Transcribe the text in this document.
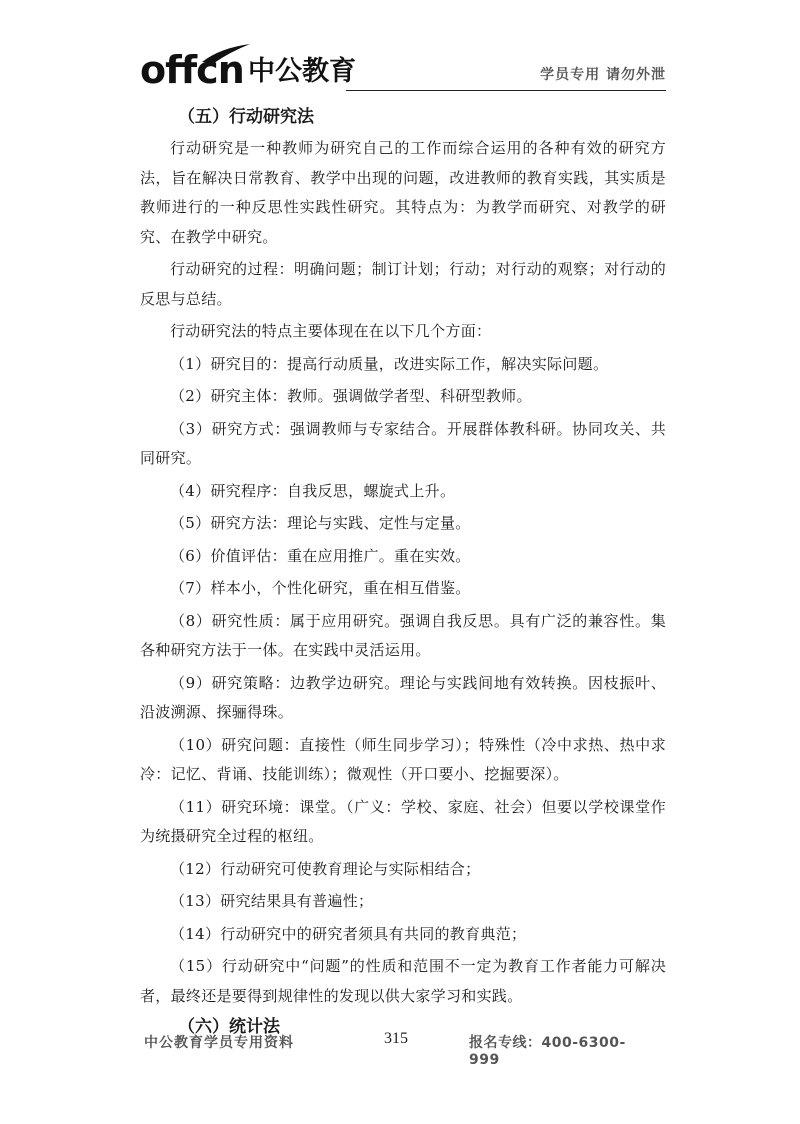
offcn 中公教育	学员专用 请勿外泄
（五）行动研究法

行动研究是一种教师为研究自己的工作而综合运用的各种有效的研究方法，旨在解决日常教育、教学中出现的问题，改进教师的教育实践，其实质是教师进行的一种反思性实践性研究。其特点为：为教学而研究、对教学的研究、在教学中研究。

行动研究的过程：明确问题；制订计划；行动；对行动的观察；对行动的反思与总结。

行动研究法的特点主要体现在在以下几个方面：

（1）研究目的：提高行动质量，改进实际工作，解决实际问题。

（2）研究主体：教师。强调做学者型、科研型教师。

（3）研究方式：强调教师与专家结合。开展群体教科研。协同攻关、共同研究。

（4）研究程序：自我反思，螺旋式上升。

（5）研究方法：理论与实践、定性与定量。

（6）价值评估：重在应用推广。重在实效。

（7）样本小，个性化研究，重在相互借鉴。

（8）研究性质：属于应用研究。强调自我反思。具有广泛的兼容性。集各种研究方法于一体。在实践中灵活运用。

（9）研究策略：边教学边研究。理论与实践间地有效转换。因枝振叶、沿波溯源、探骊得珠。

（10）研究问题：直接性（师生同步学习）；特殊性（冷中求热、热中求冷：记忆、背诵、技能训练）；微观性（开口要小、挖掘要深）。

（11）研究环境：课堂。（广义：学校、家庭、社会）但要以学校课堂作为统摄研究全过程的枢纽。

（12）行动研究可使教育理论与实际相结合；

（13）研究结果具有普遍性；

（14）行动研究中的研究者须具有共同的教育典范；

（15）行动研究中“问题”的性质和范围不一定为教育工作者能力可解决者，最终还是要得到规律性的发现以供大家学习和实践。

（六）统计法
中公教育学员专用资料	315	报名专线：400-6300-999
